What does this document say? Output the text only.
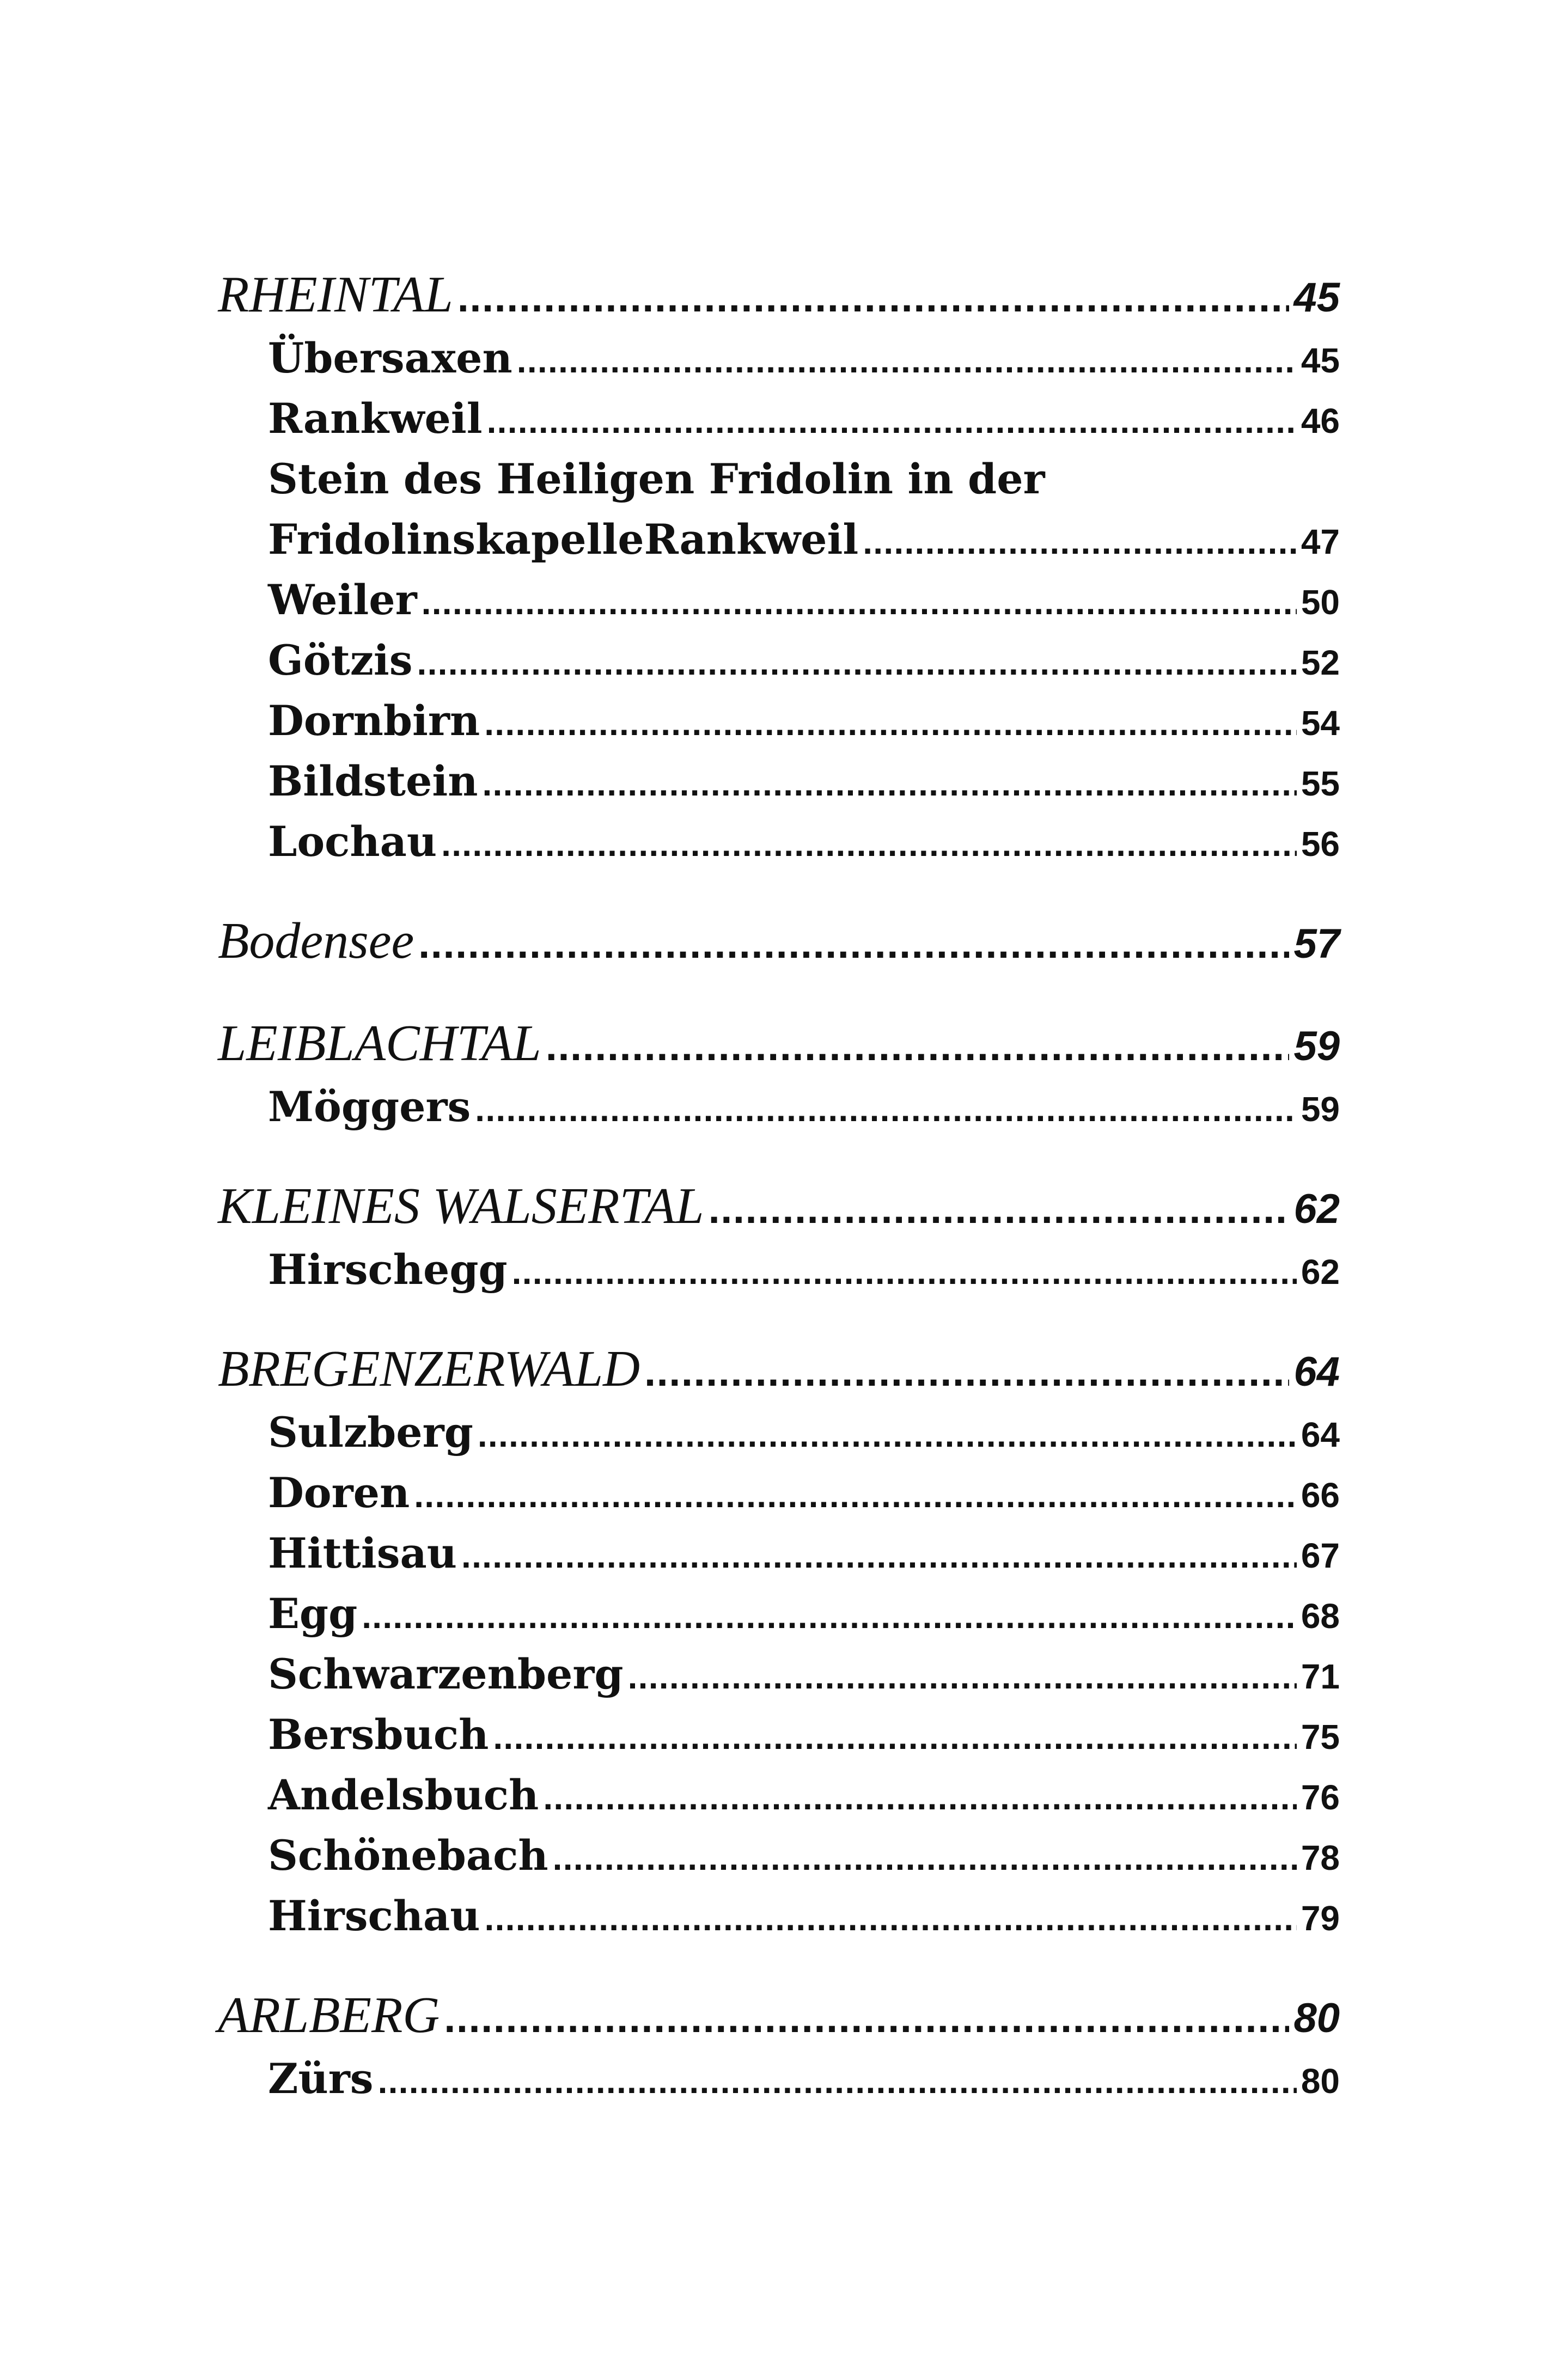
RHEINTAL .....	45
Übersaxen .....	45
Rankweil .....	46
Stein des Heiligen Fridolin in der
FridolinskapelleRankweil .....	47
Weiler .....	50
Götzis .....	52
Dornbirn .....	54
Bildstein .....	55
Lochau .....	56
Bodensee .....	57
LEIBLACHTAL .....	59
Möggers .....	59
KLEINES WALSERTAL .....	62
Hirschegg .....	62
BREGENZERWALD .....	64
Sulzberg .....	64
Doren .....	66
Hittisau .....	67
Egg .....	68
Schwarzenberg .....	71
Bersbuch .....	75
Andelsbuch .....	76
Schönebach .....	78
Hirschau .....	79
ARLBERG .....	80
Zürs .....	80
